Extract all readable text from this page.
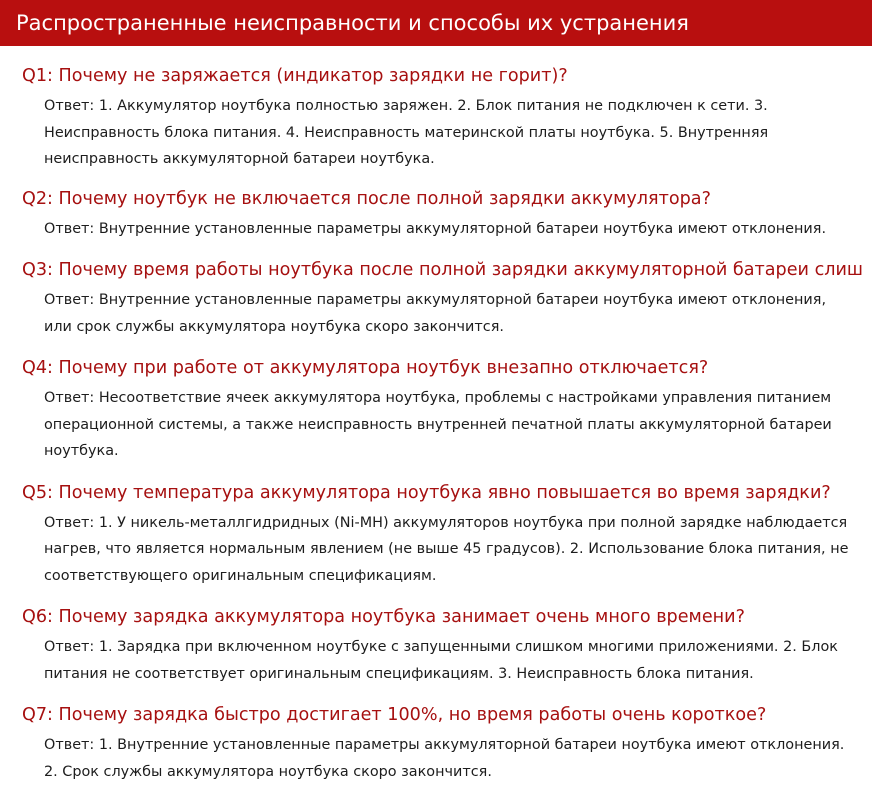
Распространенные неисправности и способы их устранения
Q1: Почему не заряжается (индикатор зарядки не горит)?
Ответ: 1. Аккумулятор ноутбука полностью заряжен. 2. Блок питания не подключен к сети. 3. Неисправность блока питания. 4. Неисправность материнской платы ноутбука. 5. Внутренняя неисправность аккумуляторной батареи ноутбука.
Q2: Почему ноутбук не включается после полной зарядки аккумулятора?
Ответ: Внутренние установленные параметры аккумуляторной батареи ноутбука имеют отклонения.
Q3: Почему время работы ноутбука после полной зарядки аккумуляторной батареи слиш
Ответ: Внутренние установленные параметры аккумуляторной батареи ноутбука имеют отклонения, или срок службы аккумулятора ноутбука скоро закончится.
Q4: Почему при работе от аккумулятора ноутбук внезапно отключается?
Ответ: Несоответствие ячеек аккумулятора ноутбука, проблемы с настройками управления питанием операционной системы, а также неисправность внутренней печатной платы аккумуляторной батареи ноутбука.
Q5: Почему температура аккумулятора ноутбука явно повышается во время зарядки?
Ответ: 1. У никель-металлгидридных (Ni-MH) аккумуляторов ноутбука при полной зарядке наблюдается нагрев, что является нормальным явлением (не выше 45 градусов). 2. Использование блока питания, не соответствующего оригинальным спецификациям.
Q6: Почему зарядка аккумулятора ноутбука занимает очень много времени?
Ответ: 1. Зарядка при включенном ноутбуке с запущенными слишком многими приложениями. 2. Блок питания не соответствует оригинальным спецификациям. 3. Неисправность блока питания.
Q7: Почему зарядка быстро достигает 100%, но время работы очень короткое?
Ответ: 1. Внутренние установленные параметры аккумуляторной батареи ноутбука имеют отклонения. 2. Срок службы аккумулятора ноутбука скоро закончится.
